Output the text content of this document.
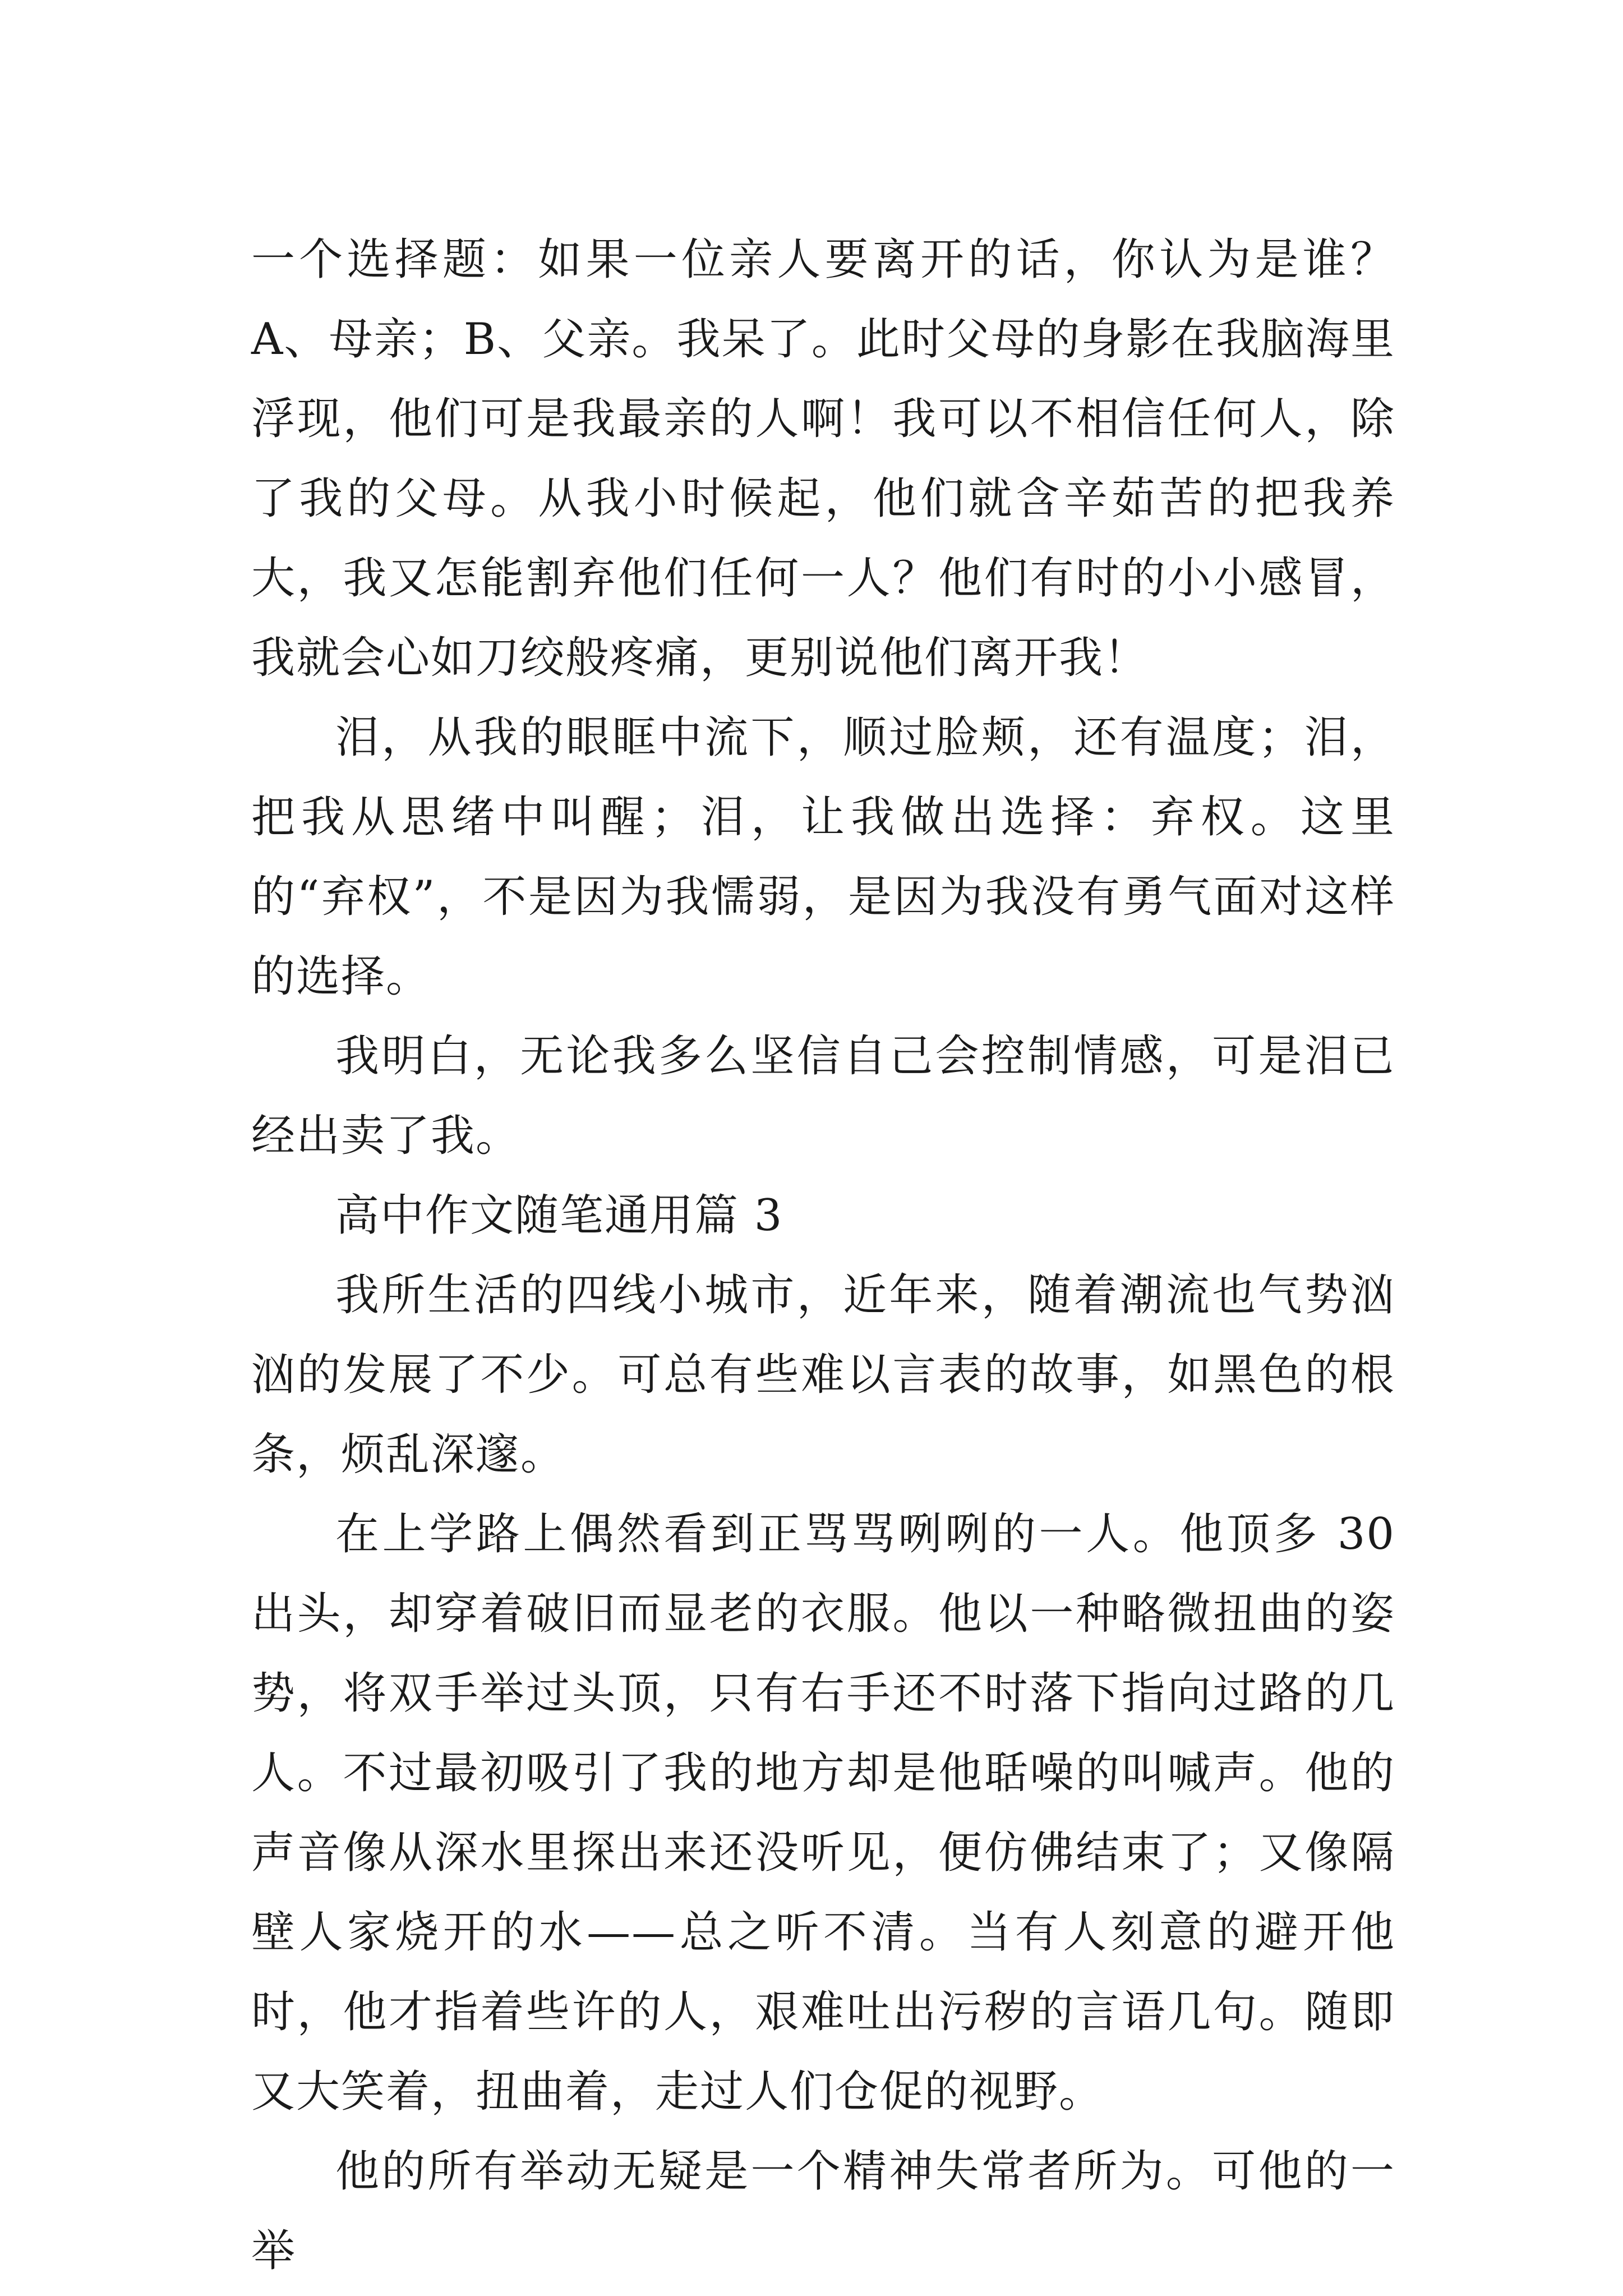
一个选择题：如果一位亲人要离开的话，你认为是谁？A、母亲；B、父亲。我呆了。此时父母的身影在我脑海里浮现，他们可是我最亲的人啊！我可以不相信任何人，除了我的父母。从我小时候起，他们就含辛茹苦的把我养大，我又怎能割弃他们任何一人？他们有时的小小感冒，我就会心如刀绞般疼痛，更别说他们离开我！

泪，从我的眼眶中流下，顺过脸颊，还有温度；泪，把我从思绪中叫醒；泪，让我做出选择：弃权。这里的“弃权”，不是因为我懦弱，是因为我没有勇气面对这样的选择。

我明白，无论我多么坚信自己会控制情感，可是泪已经出卖了我。

高中作文随笔通用篇 3

我所生活的四线小城市，近年来，随着潮流也气势汹汹的发展了不少。可总有些难以言表的故事，如黑色的根条，烦乱深邃。

在上学路上偶然看到正骂骂咧咧的一人。他顶多 30 出头，却穿着破旧而显老的衣服。他以一种略微扭曲的姿势，将双手举过头顶，只有右手还不时落下指向过路的几人。不过最初吸引了我的地方却是他聒噪的叫喊声。他的声音像从深水里探出来还没听见，便仿佛结束了；又像隔壁人家烧开的水——总之听不清。当有人刻意的避开他时，他才指着些许的人，艰难吐出污秽的言语几句。随即又大笑着，扭曲着，走过人们仓促的视野。

他的所有举动无疑是一个精神失常者所为。可他的一举
